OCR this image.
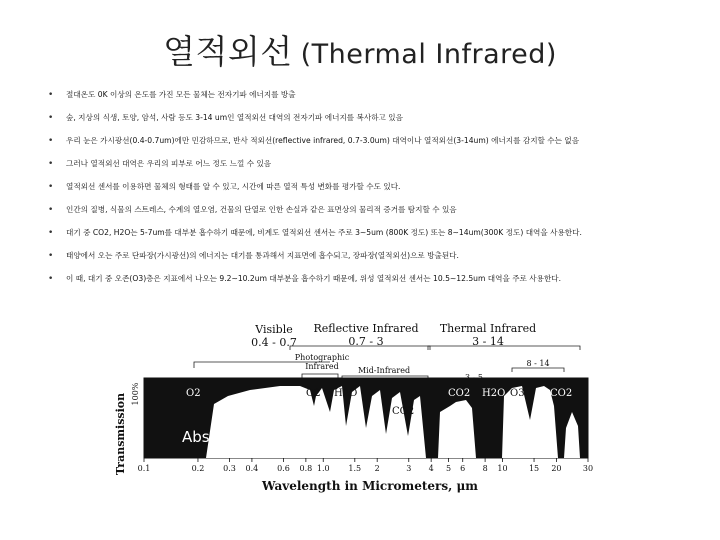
열적외선 (Thermal Infrared)
• 절대온도 0K 이상의 온도를 가진 모든 물체는 전자기파 에너지를 방출
• 숲, 지상의 식생, 토양, 암석, 사람 등도 3-14 um인 열적외선 대역의 전자기파 에너지를 복사하고 있음
• 우리 눈은 가시광선(0.4-0.7um)에만 민감하므로, 반사 적외선(reflective infrared, 0.7-3.0um) 대역이나 열적외선(3-14um) 에너지를 감지할 수는 없음
• 그러나 열적외선 대역은 우리의 피부로 어느 정도 느낄 수 있음
• 열적외선 센서를 이용하면 물체의 형태를 알 수 있고, 시간에 따른 열적 특성 변화를 평가할 수도 있다.
• 인간의 질병, 식물의 스트레스, 수계의 열오염, 건물의 단열로 인한 손실과 같은 표면상의 물리적 증거를 탐지할 수 있음
• 대기 중 CO2, H2O는 5-7um를 대부분 흡수하기 때문에, 비계도 열적외선 센서는 주로 3~5um (800K 정도) 또는 8~14um(300K 정도) 대역을 사용한다.
• 태양에서 오는 주로 단파장(가시광선)의 에너지는 대기를 통과해서 지표면에 흡수되고, 장파장(열적외선)으로 방출된다.
• 이 때, 대기 중 오존(O3)층은 지표에서 나오는 9.2~10.2um 대부분을 흡수하기 때문에, 위성 열적외선 센서는 10.5~12.5um 대역을 주로 사용한다.
Visible
0.4 - 0.7
Reflective Infrared
0.7 - 3
Thermal Infrared
3 - 14
Photographic
Infrared Mid-Infrared
8 - 14
Transmission 100%
Absorption
O2	O2 H2O
CO2
CO2 H2O O3	CO2
0.1	0.2 0.3 0.4 0.6 0.8 1.0 1.5 2	3 4 5 6 8 10	15 20	30
Wavelength in Micrometers, μm
